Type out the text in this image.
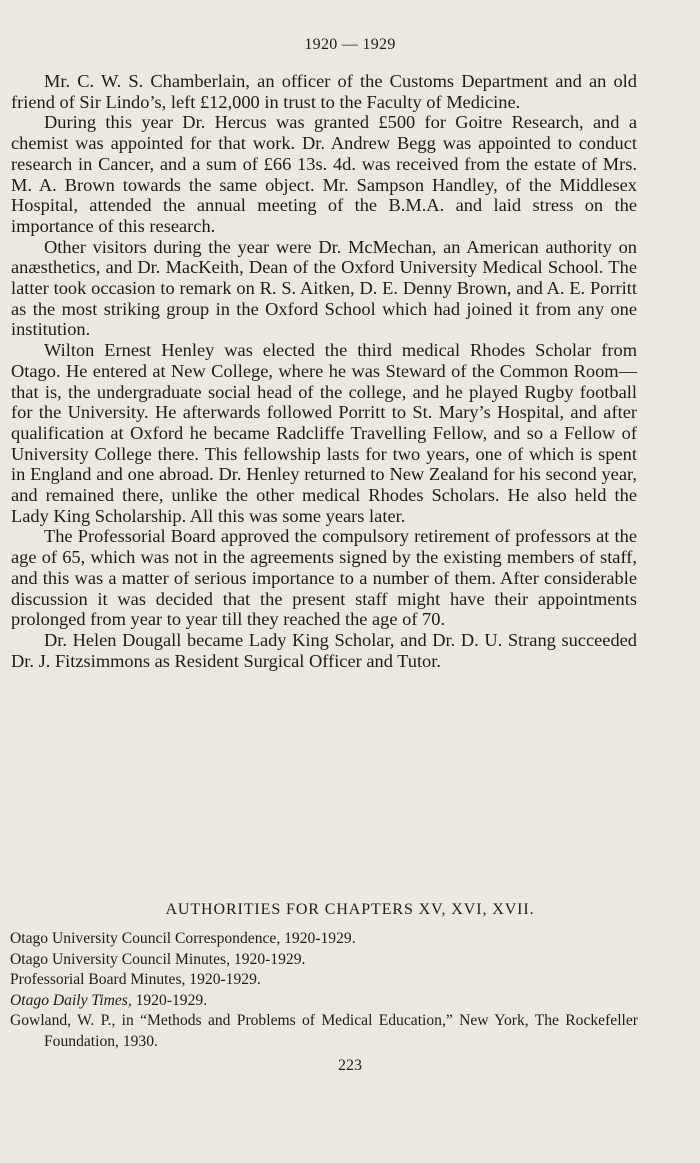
1920 — 1929

Mr. C. W. S. Chamberlain, an officer of the Customs Department and an old friend of Sir Lindo’s, left £12,000 in trust to the Faculty of Medicine.

During this year Dr. Hercus was granted £500 for Goitre Research, and a chemist was appointed for that work. Dr. Andrew Begg was appointed to conduct research in Cancer, and a sum of £66 13s. 4d. was received from the estate of Mrs. M. A. Brown towards the same object. Mr. Sampson Handley, of the Middlesex Hospital, attended the annual meeting of the B.M.A. and laid stress on the importance of this research.

Other visitors during the year were Dr. McMechan, an American authority on anæsthetics, and Dr. MacKeith, Dean of the Oxford University Medical School. The latter took occasion to remark on R. S. Aitken, D. E. Denny Brown, and A. E. Porritt as the most striking group in the Oxford School which had joined it from any one institution.

Wilton Ernest Henley was elected the third medical Rhodes Scholar from Otago. He entered at New College, where he was Steward of the Common Room—that is, the undergraduate social head of the college, and he played Rugby football for the University. He afterwards followed Porritt to St. Mary’s Hospital, and after qualification at Oxford he became Radcliffe Travelling Fellow, and so a Fellow of University College there. This fellowship lasts for two years, one of which is spent in England and one abroad. Dr. Henley returned to New Zealand for his second year, and remained there, unlike the other medical Rhodes Scholars. He also held the Lady King Scholarship. All this was some years later.

The Professorial Board approved the compulsory retirement of professors at the age of 65, which was not in the agreements signed by the existing members of staff, and this was a matter of serious importance to a number of them. After considerable discussion it was decided that the present staff might have their appointments prolonged from year to year till they reached the age of 70.

Dr. Helen Dougall became Lady King Scholar, and Dr. D. U. Strang succeeded Dr. J. Fitzsimmons as Resident Surgical Officer and Tutor.

AUTHORITIES FOR CHAPTERS XV, XVI, XVII.
Otago University Council Correspondence, 1920-1929.
Otago University Council Minutes, 1920-1929.
Professorial Board Minutes, 1920-1929.
Otago Daily Times, 1920-1929.
Gowland, W. P., in “Methods and Problems of Medical Education,” New York, The Rockefeller Foundation, 1930.
223
